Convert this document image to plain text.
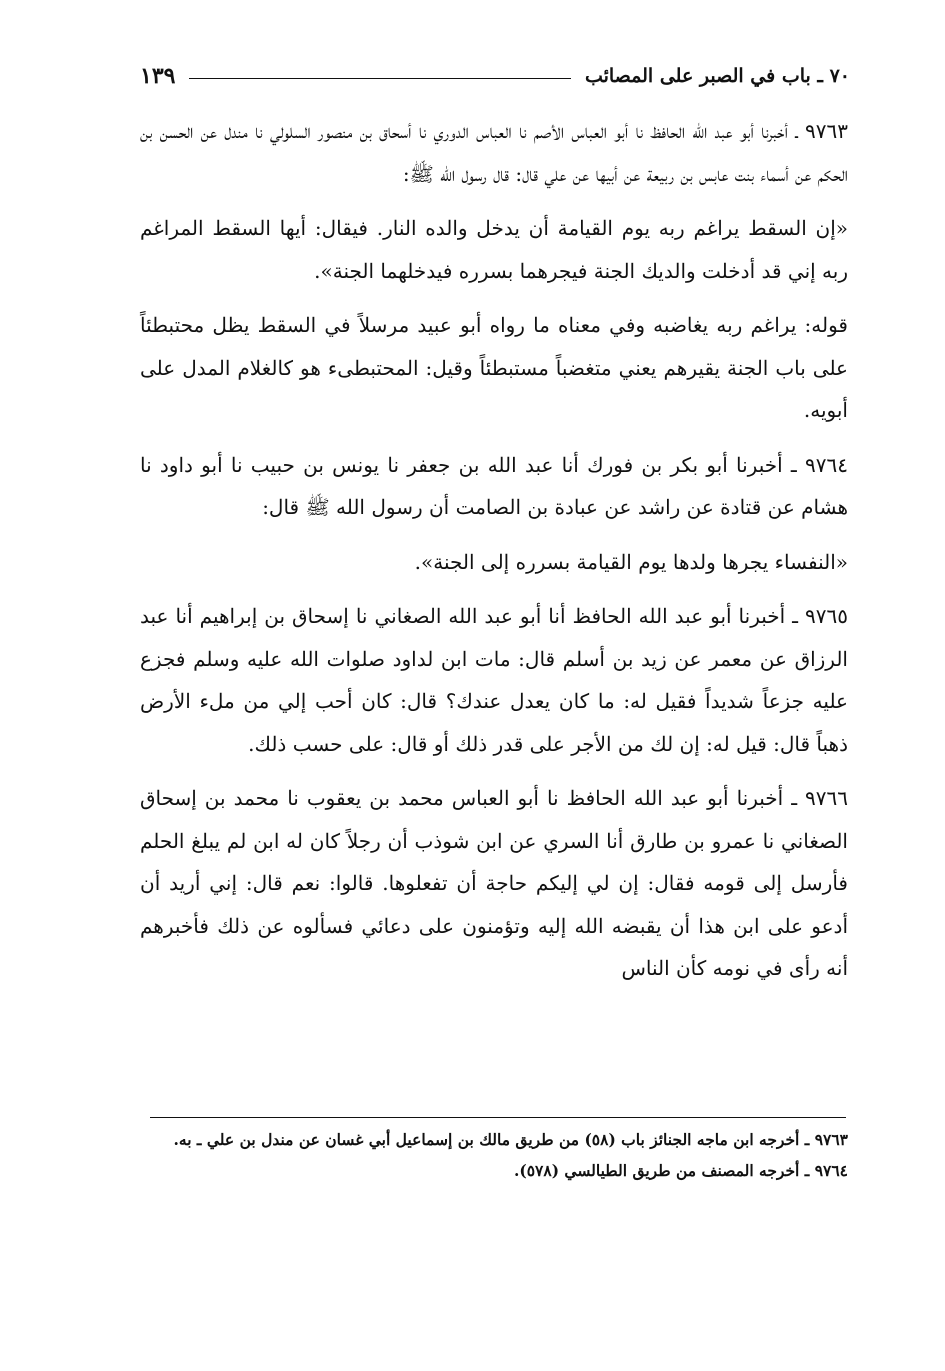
٧٠ ـ باب في الصبر على المصائب
١٣٩

٩٧٦٣ ـ أخبرنا أبو عبد الله الحافظ نا أبو العباس الأصم نا العباس الدوري نا أسحاق بن منصور السلولي نا مندل عن الحسن بن الحكم عن أسماء بنت عابس بن ربيعة عن أبيها عن علي قال: قال رسول الله ﷺ:

«إن السقط يراغم ربه يوم القيامة أن يدخل والده النار. فيقال: أيها السقط المراغم ربه إني قد أدخلت والديك الجنة فيجرهما بسرره فيدخلهما الجنة».

قوله: يراغم ربه يغاضبه وفي معناه ما رواه أبو عبيد مرسلاً في السقط يظل محتبطئاً على باب الجنة يقيرهم يعني متغضباً مستبطئاً وقيل: المحتبطىء هو كالغلام المدل على أبويه.

٩٧٦٤ ـ أخبرنا أبو بكر بن فورك أنا عبد الله بن جعفر نا يونس بن حبيب نا أبو داود نا هشام عن قتادة عن راشد عن عبادة بن الصامت أن رسول الله ﷺ قال:

«النفساء يجرها ولدها يوم القيامة بسرره إلى الجنة».

٩٧٦٥ ـ أخبرنا أبو عبد الله الحافظ أنا أبو عبد الله الصغاني نا إسحاق بن إبراهيم أنا عبد الرزاق عن معمر عن زيد بن أسلم قال: مات ابن لداود صلوات الله عليه وسلم فجزع عليه جزعاً شديداً فقيل له: ما كان يعدل عندك؟ قال: كان أحب إلي من ملء الأرض ذهباً قال: قيل له: إن لك من الأجر على قدر ذلك أو قال: على حسب ذلك.

٩٧٦٦ ـ أخبرنا أبو عبد الله الحافظ نا أبو العباس محمد بن يعقوب نا محمد بن إسحاق الصغاني نا عمرو بن طارق أنا السري عن ابن شوذب أن رجلاً كان له ابن لم يبلغ الحلم فأرسل إلى قومه فقال: إن لي إليكم حاجة أن تفعلوها. قالوا: نعم قال: إني أريد أن أدعو على ابن هذا أن يقبضه الله إليه وتؤمنون على دعائي فسألوه عن ذلك فأخبرهم أنه رأى في نومه كأن الناس

٩٧٦٣ ـ أخرجه ابن ماجه الجنائز باب (٥٨) من طريق مالك بن إسماعيل أبي غسان عن مندل بن علي ـ به.

٩٧٦٤ ـ أخرجه المصنف من طريق الطيالسي (٥٧٨).
